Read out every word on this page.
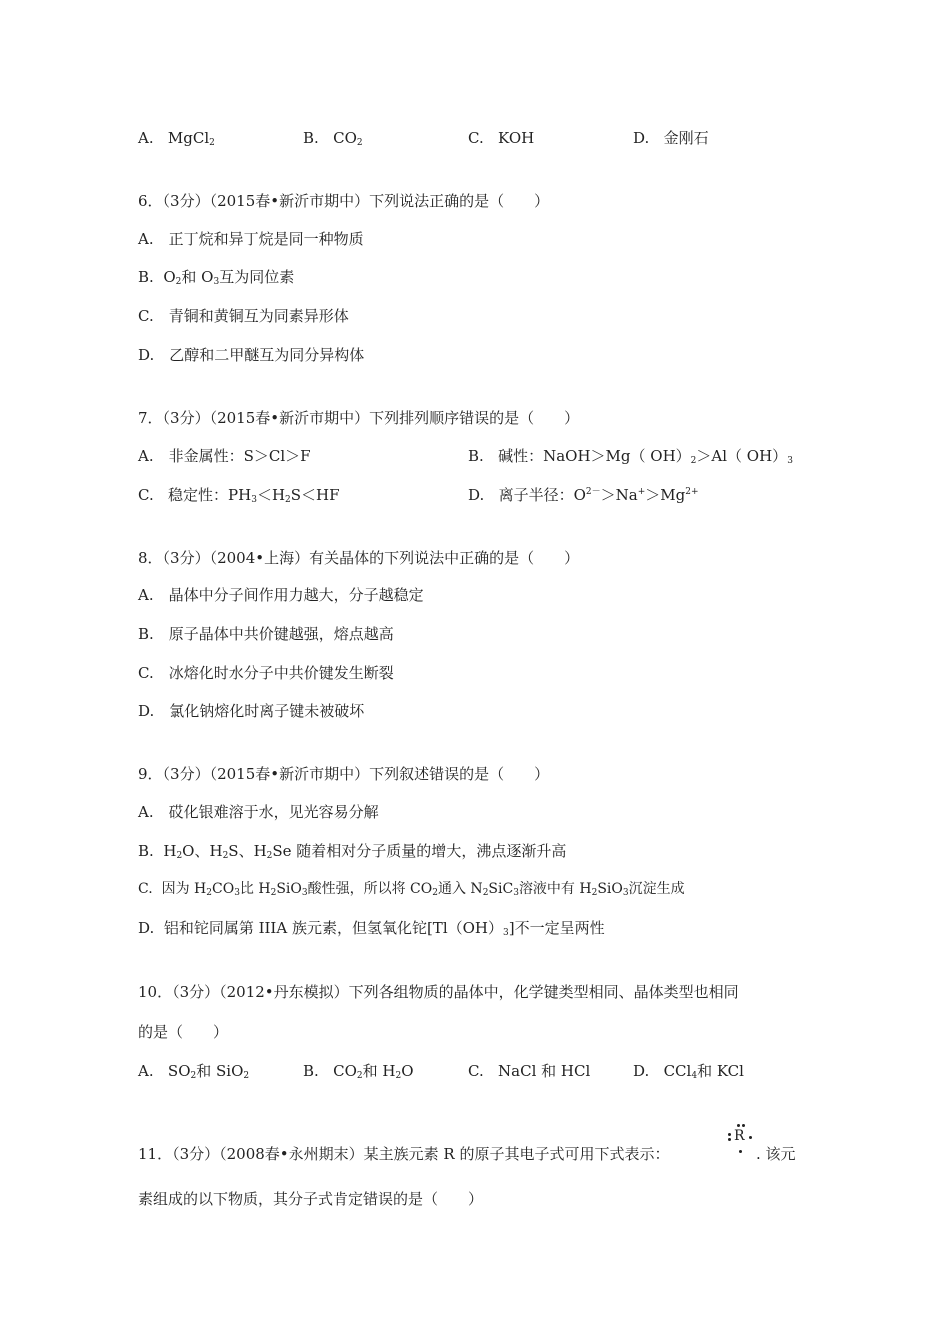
A. MgCl$_2$	B. $CO_2$	C. KOH	D. 金刚石
6．（3分）（2015春•新沂市期中）下列说法正确的是（　　）
A.　正丁烷和异丁烷是同一种物质
B. $O_2$和 $O_3$互为同位素
C.　青铜和黄铜互为同素异形体
D.　乙醇和二甲醚互为同分异构体
7．（3分）（2015春•新沂市期中）下列排列顺序错误的是（　　）
A.　非金属性：S＞Cl＞F	B. 碱性：NaOH＞Mg（ $OH)_2>Al$（ $OH)_3$
C. 稳定性：$PH_3<H_2S<HF$	D. 离子半径：$O^{2-}>Na^+>Mg^{2+}$
8．（3分）（2004•上海）有关晶体的下列说法中正确的是（　　）
A.　晶体中分子间作用力越大，分子越稳定
B.　原子晶体中共价键越强，熔点越高
C.　冰熔化时水分子中共价键发生断裂
D.　氯化钠熔化时离子键未被破坏
9．（3分）（2015春•新沂市期中）下列叙述错误的是（　　）
A.　砹化银难溶于水，见光容易分解
B. $H_2O$、$H_2S$、$H_2Se$ 随着相对分子质量的增大，沸点逐渐升高
C. 因为 $H_2CO_3$比 $H_2SiO_3$酸性强，所以将 $CO_2$通入 $N_2SiC_3$溶液中有 $H_2SiO_3$沉淀生成
D. 铝和铊同属第 IIIA 族元素，但氢氧化铊$[Tl(OH)_3]$不一定呈两性
10．（3分）（2012•丹东模拟）下列各组物质的晶体中，化学键类型相同、晶体类型也相同
的是（　　）
A. $SO_2$和 SiO$_2$	B. $CO_2$和 $H_2O$	C. NaCl 和 HCl	D. CCl$_4$和 KCl
11．（3分）（2008春•永州期末）某主族元素 R 的原子其电子式可用下式表示：
R
. 该元
素组成的以下物质，其分子式肯定错误的是（　　）
